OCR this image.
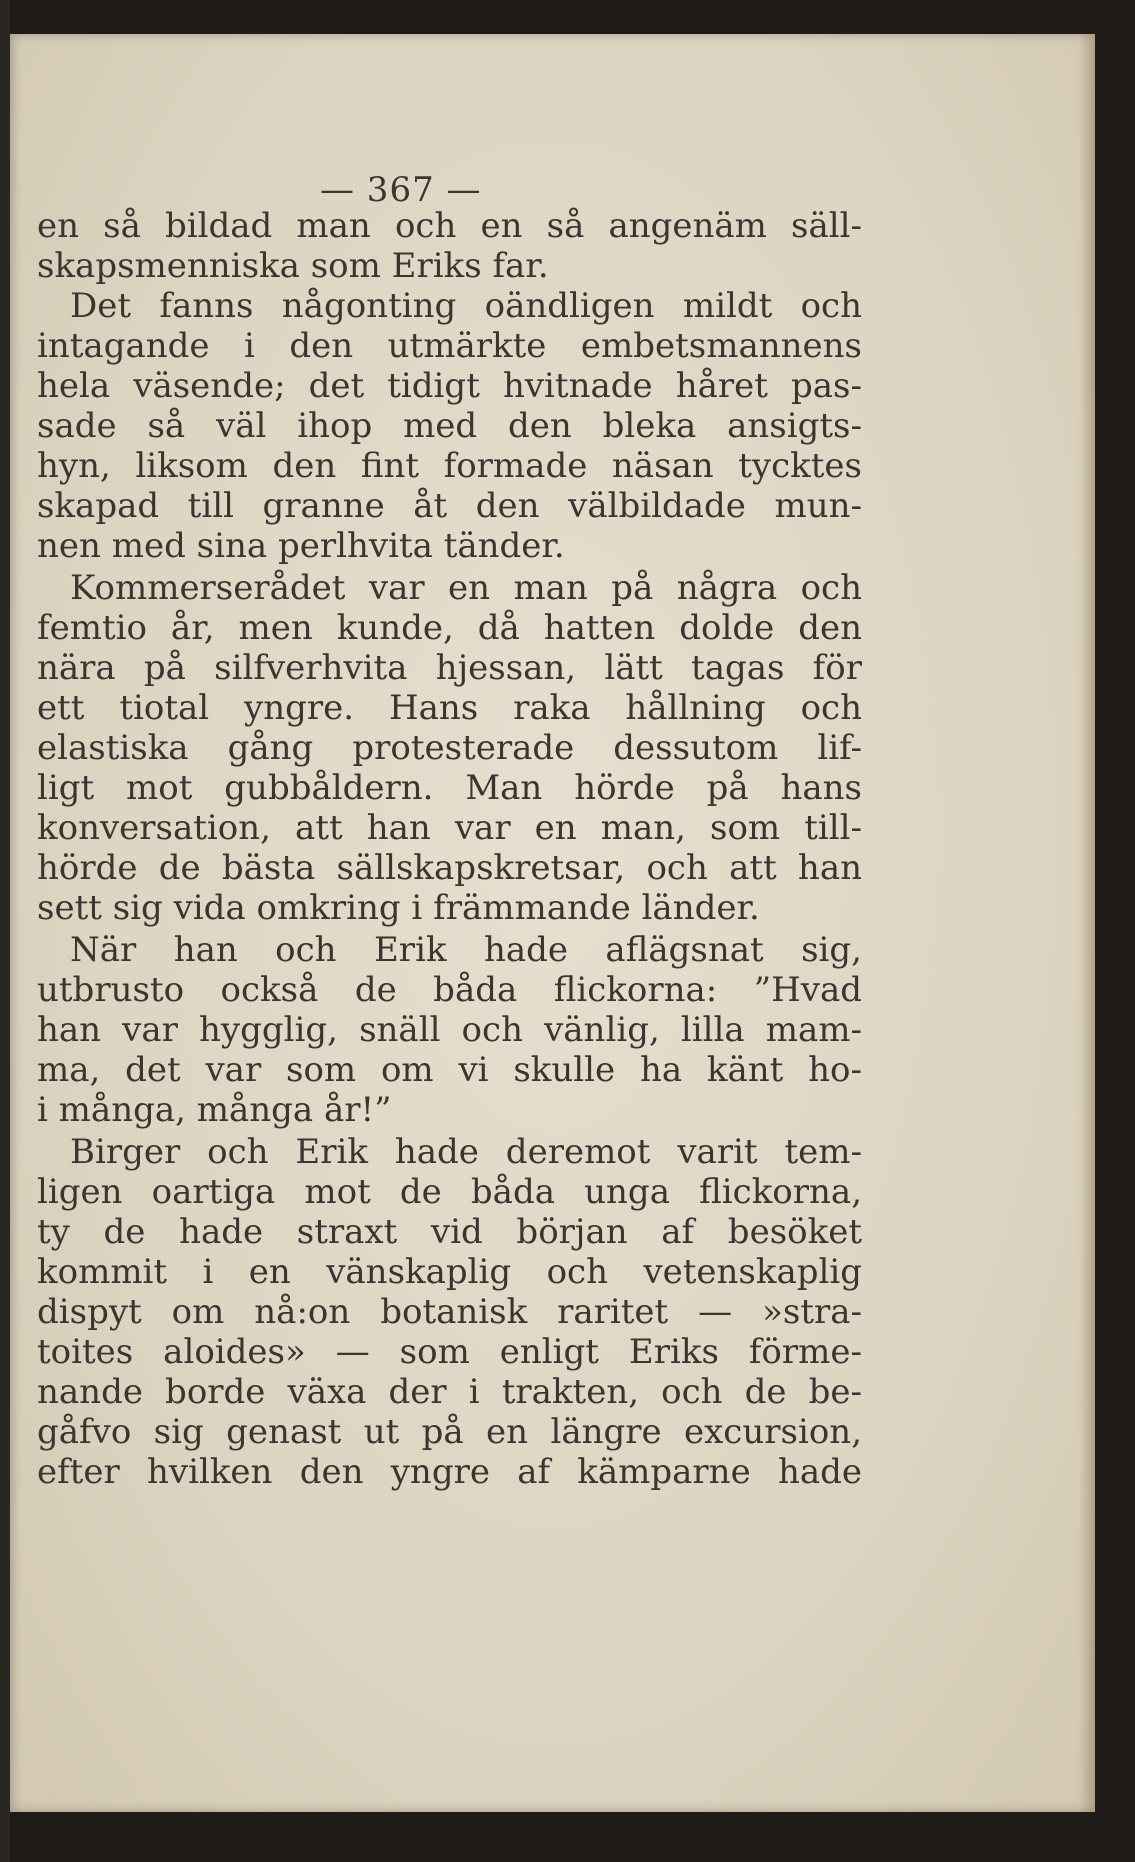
— 367 —
en så bildad man och en så angenäm säll-
skapsmenniska som Eriks far.
Det fanns någonting oändligen mildt och
intagande i den utmärkte embetsmannens
hela väsende; det tidigt hvitnade håret pas-
sade så väl ihop med den bleka ansigts-
hyn, liksom den fint formade näsan tycktes
skapad till granne åt den välbildade mun-
nen med sina perlhvita tänder.
Kommerserådet var en man på några och
femtio år, men kunde, då hatten dolde den
nära på silfverhvita hjessan, lätt tagas för
ett tiotal yngre. Hans raka hållning och
elastiska gång protesterade dessutom lif-
ligt mot gubbåldern. Man hörde på hans
konversation, att han var en man, som till-
hörde de bästa sällskapskretsar, och att han
sett sig vida omkring i främmande länder.
När han och Erik hade aflägsnat sig,
utbrusto också de båda flickorna: ”Hvad
han var hygglig, snäll och vänlig, lilla mam-
ma, det var som om vi skulle ha känt ho-
i många, många år!”
Birger och Erik hade deremot varit tem-
ligen oartiga mot de båda unga flickorna,
ty de hade straxt vid början af besöket
kommit i en vänskaplig och vetenskaplig
dispyt om nå:on botanisk raritet — »stra-
toites aloides» — som enligt Eriks förme-
nande borde växa der i trakten, och de be-
gåfvo sig genast ut på en längre excursion,
efter hvilken den yngre af kämparne hade
